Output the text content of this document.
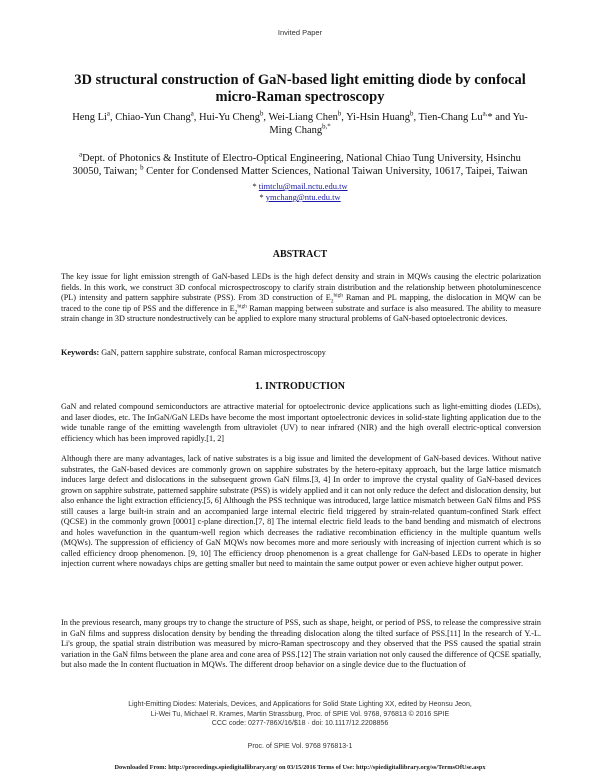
Invited Paper
3D structural construction of GaN-based light emitting diode by confocal micro-Raman spectroscopy
Heng Li$^a$, Chiao-Yun Chang$^a$, Hui-Yu Cheng$^b$, Wei-Liang Chen$^b$, Yi-Hsin Huang$^b$, Tien-Chang $Lu^{a,}*$ and Yu-Ming Chang$^{b,*}$
$^a$Dept. of Photonics & Institute of Electro-Optical Engineering, National Chiao Tung University, Hsinchu 30050, Taiwan; $^b$ Center for Condensed Matter Sciences, National Taiwan University, 10617, Taipei, Taiwan
* timtclu@mail.nctu.edu.tw
* ymchang@ntu.edu.tw
ABSTRACT
The key issue for light emission strength of GaN-based LEDs is the high defect density and strain in MQWs causing the electric polarization fields. In this work, we construct 3D confocal microspectroscopy to clarify strain distribution and the relationship between photoluminescence (PL) intensity and pattern sapphire substrate (PSS). From 3D construction of $E_2^{high}$ Raman and PL mapping, the dislocation in MQW can be traced to the cone tip of PSS and the difference in $E_2^{high}$ Raman mapping between substrate and surface is also measured. The ability to measure strain change in 3D structure nondestructively can be applied to explore many structural problems of GaN-based optoelectronic devices.
Keywords: GaN, pattern sapphire substrate, confocal Raman microspectroscopy
1. INTRODUCTION
GaN and related compound semiconductors are attractive material for optoelectronic device applications such as light-emitting diodes (LEDs), and laser diodes, etc. The InGaN/GaN LEDs have become the most important optoelectronic devices in solid-state lighting application due to the wide tunable range of the emitting wavelength from ultraviolet (UV) to near infrared (NIR) and the high overall electric-optical conversion efficiency which has been improved rapidly.[1, 2]
Although there are many advantages, lack of native substrates is a big issue and limited the development of GaN-based devices. Without native substrates, the GaN-based devices are commonly grown on sapphire substrates by the hetero-epitaxy approach, but the large lattice mismatch induces large defect and dislocations in the subsequent grown GaN films.[3, 4] In order to improve the crystal quality of GaN-based devices grown on sapphire substrate, patterned sapphire substrate (PSS) is widely applied and it can not only reduce the defect and dislocation density, but also enhance the light extraction efficiency.[5, 6] Although the PSS technique was introduced, large lattice mismatch between GaN films and PSS still causes a large built-in strain and an accompanied large internal electric field triggered by strain-related quantum-confined Stark effect (QCSE) in the commonly grown [0001] c-plane direction.[7, 8] The internal electric field leads to the band bending and mismatch of electrons and holes wavefunction in the quantum-well region which decreases the radiative recombination efficiency in the multiple quantum wells (MQWs). The suppression of efficiency of GaN MQWs now becomes more and more seriously with increasing of injection current which is so called efficiency droop phenomenon. [9, 10] The efficiency droop phenomenon is a great challenge for GaN-based LEDs to operate in higher injection current where nowadays chips are getting smaller but need to maintain the same output power or even achieve higher output power.
In the previous research, many groups try to change the structure of PSS, such as shape, height, or period of PSS, to release the compressive strain in GaN films and suppress dislocation density by bending the threading dislocation along the tilted surface of PSS.[11] In the research of Y.-L. Li's group, the spatial strain distribution was measured by micro-Raman spectroscopy and they observed that the PSS caused the spatial strain variation in the GaN films between the plane area and cone area of PSS.[12] The strain variation not only caused the difference of QCSE spatially, but also made the In content fluctuation in MQWs. The different droop behavior on a single device due to the fluctuation of
Light-Emitting Diodes: Materials, Devices, and Applications for Solid State Lighting XX, edited by Heonsu Jeon,
Li-Wei Tu, Michael R. Krames, Martin Strassburg, Proc. of SPIE Vol. 9768, 976813 © 2016 SPIE
CCC code: 0277-786X/16/$18 · doi: 10.1117/12.2208856
Proc. of SPIE Vol. 9768 976813-1
Downloaded From: http://proceedings.spiedigitallibrary.org/ on 03/15/2016 Terms of Use: http://spiedigitallibrary.org/ss/TermsOfUse.aspx
